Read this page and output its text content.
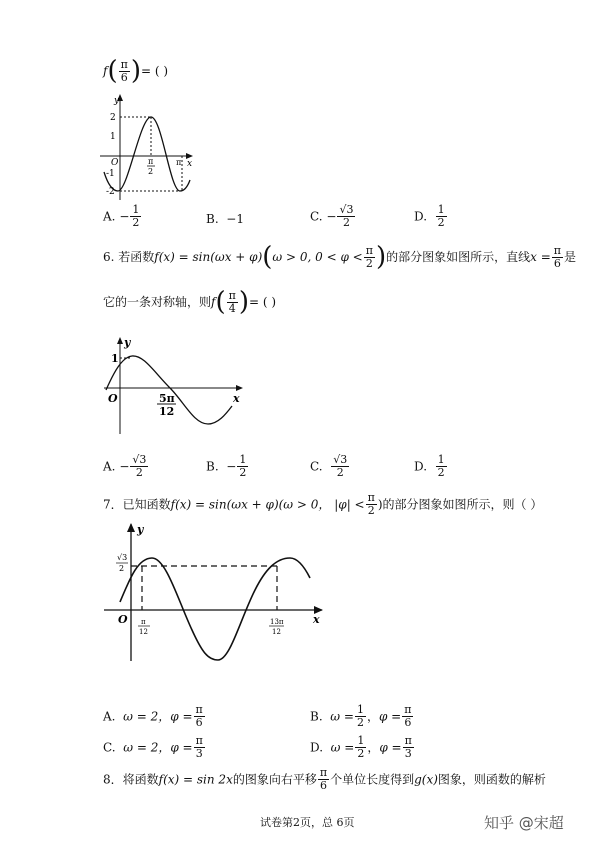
$f( \frac{\pi}{6}$ )= ( )
y
x
O
2
1
-1
-2
π
2
π
A. − $\frac{1}{2}$	B. −1	C. − $\frac{√3}{2}$	D. $\frac{1}{2}$
6. 若函数f(x) = sin(ωx + φ)(ω > 0, $0 < \varphi < \frac{\pi}{2}$ )的部分图象如图所示，直线$x = \frac{\pi}{6}$ 是
它的一条对称轴，则$f( \frac{\pi}{4}$ )= ( )
y
x
O
1
5π
12
A. − $\frac{√3}{2}$	B. − $\frac{1}{2}$	C. $\frac{√3}{2}$	D. $\frac{1}{2}$
7．已知函数f(x) = sin(ωx + φ)(ω > 0， $|\varphi| < \frac{\pi}{2}$ )的部分图象如图所示，则（ ）
y
x
O
√3
2
π
12
13π
12
A. ω = 2，$\varphi = \frac{\pi}{6}$	B. $\omega = \frac{1}{2}$ ，$\varphi = \frac{\pi}{6}$
C. ω = 2，$\varphi = \frac{\pi}{3}$	D. $\omega = \frac{1}{2}$ ，$\varphi = \frac{\pi}{3}$
8．将函数f(x) = sin 2x的图象向右平移 $\frac{\pi}{6}$ 个单位长度得到g(x)图象，则函数的解析
试卷第2页，总 6页	知乎 @宋超
